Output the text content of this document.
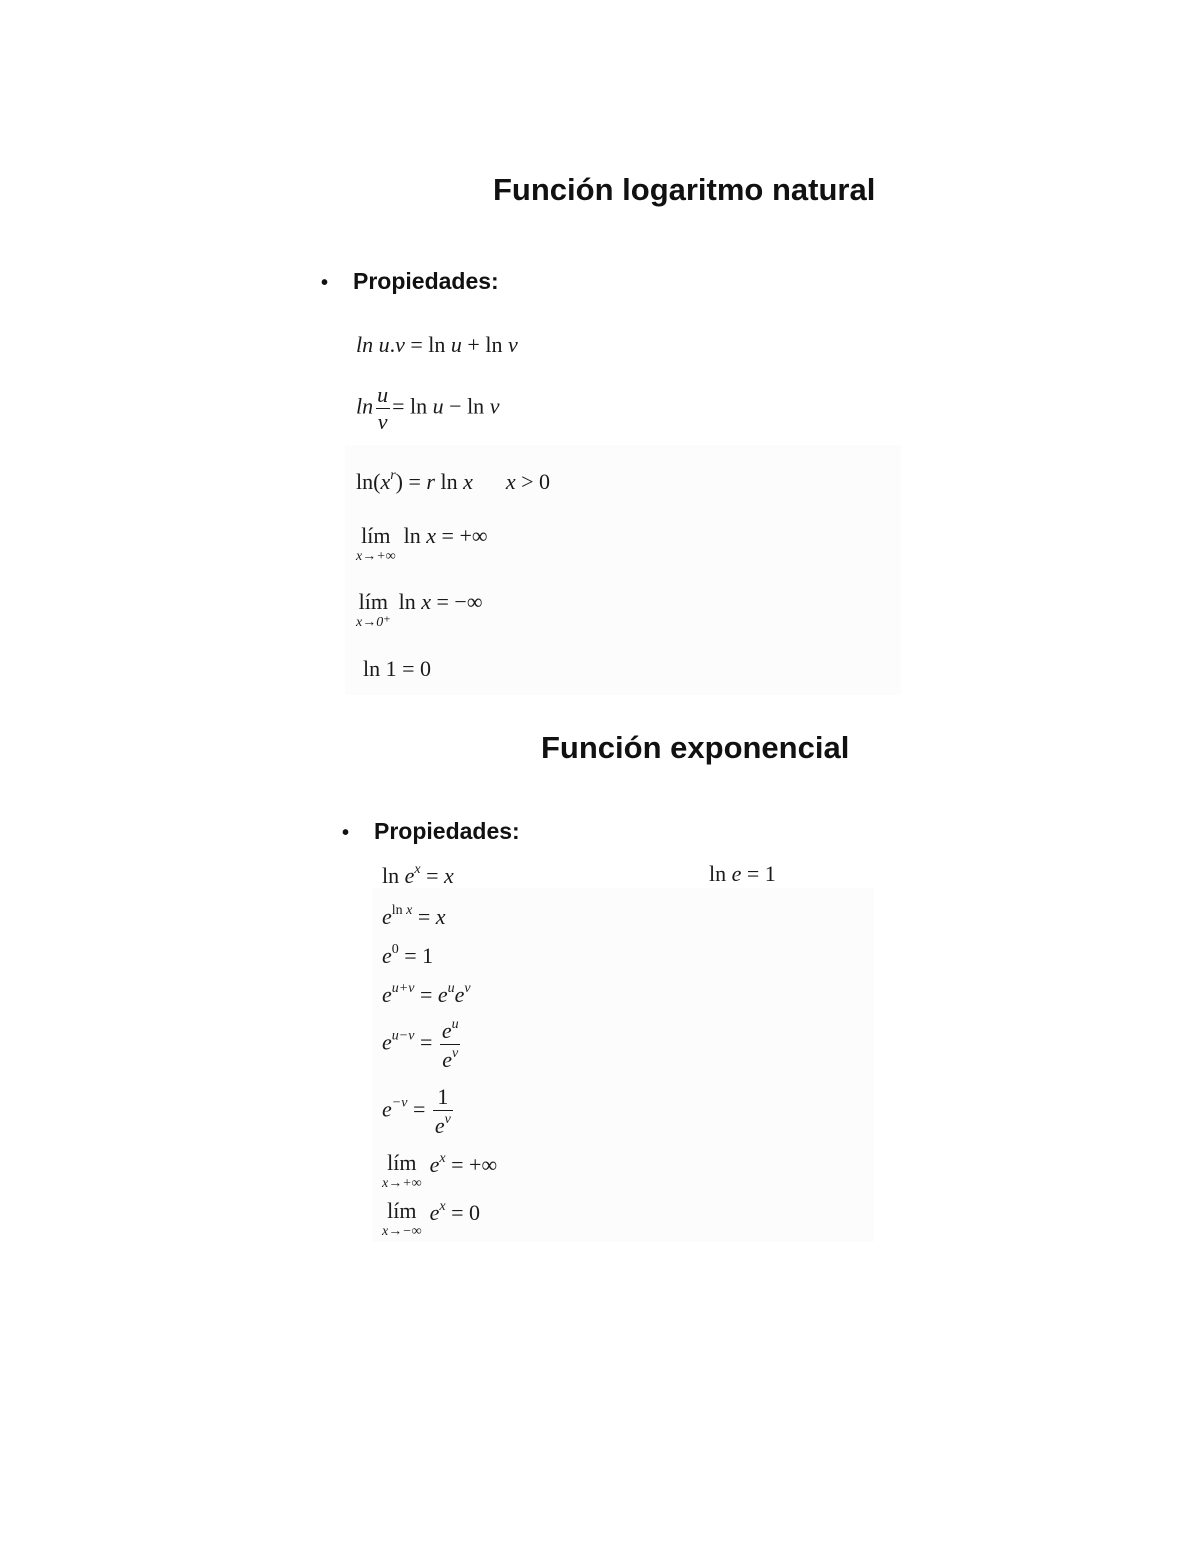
Función logaritmo natural
• Propiedades:
ln u.v = ln u + ln v
$\ln \frac{u}{v} = \ln u - \ln v$
$\ln(x^r) = r$ ln x x > 0
lím
x→+∞
ln x = +∞
lím
x→0⁺
ln x = −∞
ln 1 = 0
Función exponencial
• Propiedades:
$\ln e^x = x$	ln e = 1
$e^{ln x} = x$
$e^0 = 1$
$e^{u+v} = e^ue^v$
$e^{u-v} = \frac{e^u}{e^v}$
$e^{-v} = \frac{1}{e^v}$
lím
x→+∞
$e^x$ = +∞
lím
x→−∞
$e^x = 0$
